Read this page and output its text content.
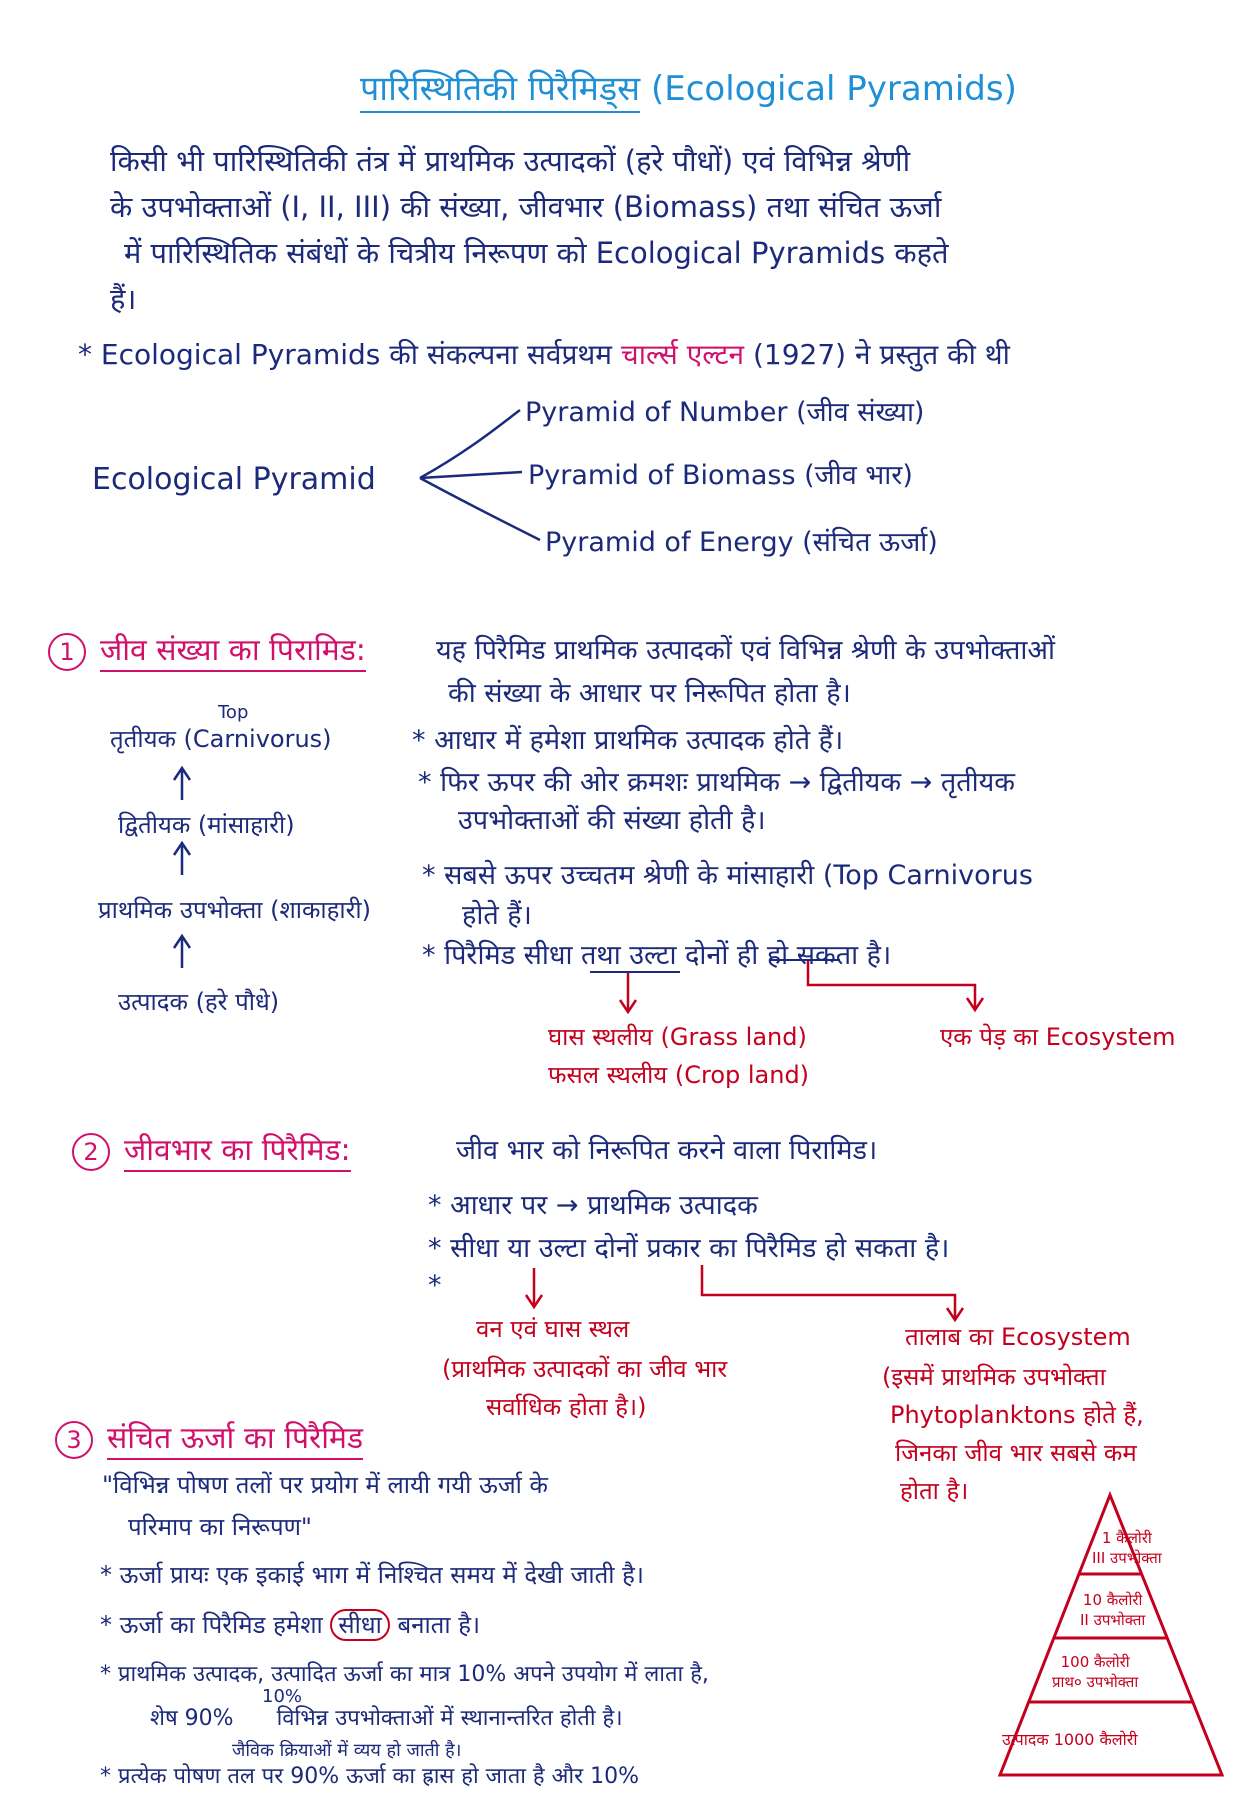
पारिस्थितिकी पिरैमिड्स (Ecological Pyramids)
किसी भी पारिस्थितिकी तंत्र में प्राथमिक उत्पादकों (हरे पौधों) एवं विभिन्न श्रेणी
के उपभोक्ताओं (I, II, III) की संख्या, जीवभार (Biomass) तथा संचित ऊर्जा
में पारिस्थितिक संबंधों के चित्रीय निरूपण को Ecological Pyramids कहते
हैं।
* Ecological Pyramids की संकल्पना सर्वप्रथम चार्ल्स एल्टन (1927) ने प्रस्तुत की थी
Ecological Pyramid
Pyramid of Number (जीव संख्या)
Pyramid of Biomass (जीव भार)
Pyramid of Energy (संचित ऊर्जा)
1 जीव संख्या का पिरामिड:	यह पिरैमिड प्राथमिक उत्पादकों एवं विभिन्न श्रेणी के उपभोक्ताओं
की संख्या के आधार पर निरूपित होता है।
Top
तृतीयक (Carnivorus)
द्वितीयक (मांसाहारी)
प्राथमिक उपभोक्ता (शाकाहारी)
उत्पादक (हरे पौधे)
* आधार में हमेशा प्राथमिक उत्पादक होते हैं।
* फिर ऊपर की ओर क्रमशः प्राथमिक → द्वितीयक → तृतीयक
उपभोक्ताओं की संख्या होती है।
* सबसे ऊपर उच्चतम श्रेणी के मांसाहारी (Top Carnivorus
होते हैं।
* पिरैमिड सीधा तथा उल्टा दोनों ही हो सकता है।
घास स्थलीय (Grass land)
फसल स्थलीय (Crop land)
एक पेड़ का Ecosystem
2 जीवभार का पिरैमिड:	जीव भार को निरूपित करने वाला पिरामिड।
* आधार पर → प्राथमिक उत्पादक
* सीधा या उल्टा दोनों प्रकार का पिरैमिड हो सकता है।
*
वन एवं घास स्थल
(प्राथमिक उत्पादकों का जीव भार
सर्वाधिक होता है।)
तालाब का Ecosystem
(इसमें प्राथमिक उपभोक्ता
Phytoplanktons होते हैं,
जिनका जीव भार सबसे कम
होता है।
3 संचित ऊर्जा का पिरैमिड
"विभिन्न पोषण तलों पर प्रयोग में लायी गयी ऊर्जा के
परिमाप का निरूपण"
* ऊर्जा प्रायः एक इकाई भाग में निश्चित समय में देखी जाती है।
* ऊर्जा का पिरैमिड हमेशा सीधा बनाता है।
* प्राथमिक उत्पादक, उत्पादित ऊर्जा का मात्र 10% अपने उपयोग में लाता है,
10%
शेष 90% विभिन्न उपभोक्ताओं में स्थानान्तरित होती है।
जैविक क्रियाओं में व्यय हो जाती है।
* प्रत्येक पोषण तल पर 90% ऊर्जा का ह्रास हो जाता है और 10%
1 कैलोरी
III उपभोक्ता
10 कैलोरी
II उपभोक्ता
100 कैलोरी
प्राथ० उपभोक्ता
उत्पादक 1000 कैलोरी
